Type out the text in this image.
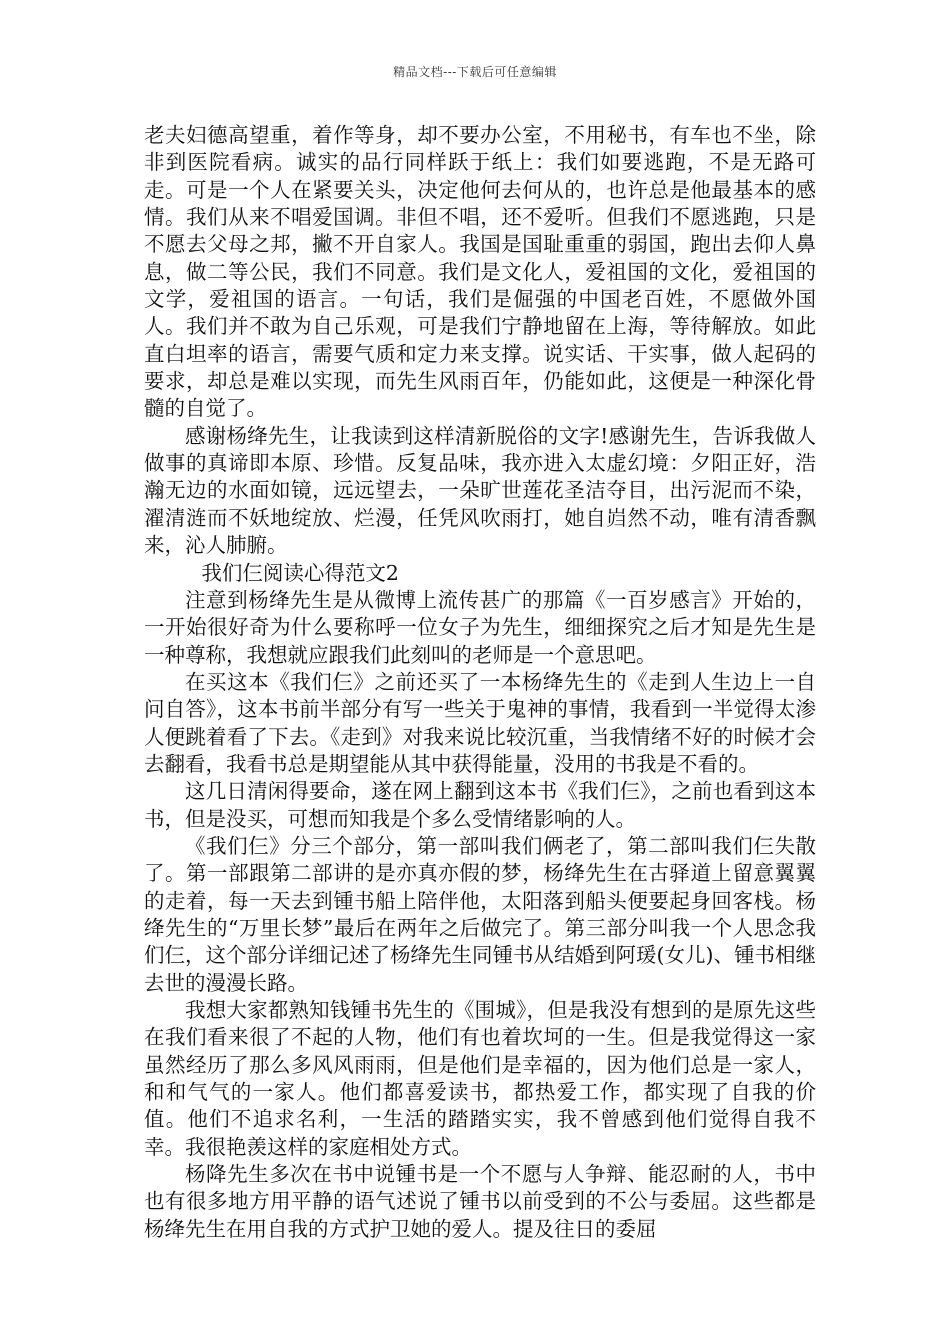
精品文档---下载后可任意编辑

老夫妇德高望重，着作等身，却不要办公室，不用秘书，有车也不坐，除非到医院看病。诚实的品行同样跃于纸上：我们如要逃跑，不是无路可走。可是一个人在紧要关头，决定他何去何从的，也许总是他最基本的感情。我们从来不唱爱国调。非但不唱，还不爱听。但我们不愿逃跑，只是不愿去父母之邦，撇不开自家人。我国是国耻重重的弱国，跑出去仰人鼻息，做二等公民，我们不同意。我们是文化人，爱祖国的文化，爱祖国的文学，爱祖国的语言。一句话，我们是倔强的中国老百姓，不愿做外国人。我们并不敢为自己乐观，可是我们宁静地留在上海，等待解放。如此直白坦率的语言，需要气质和定力来支撑。说实话、干实事，做人起码的要求，却总是难以实现，而先生风雨百年，仍能如此，这便是一种深化骨髓的自觉了。

感谢杨绛先生，让我读到这样清新脱俗的文字!感谢先生，告诉我做人做事的真谛即本原、珍惜。反复品味，我亦进入太虚幻境：夕阳正好，浩瀚无边的水面如镜，远远望去，一朵旷世莲花圣洁夺目，出污泥而不染，濯清涟而不妖地绽放、烂漫，任凭风吹雨打，她自岿然不动，唯有清香飘来，沁人肺腑。

我们仨阅读心得范文2

注意到杨绛先生是从微博上流传甚广的那篇《一百岁感言》开始的，一开始很好奇为什么要称呼一位女子为先生，细细探究之后才知是先生是一种尊称，我想就应跟我们此刻叫的老师是一个意思吧。

在买这本《我们仨》之前还买了一本杨绛先生的《走到人生边上一自问自答》，这本书前半部分有写一些关于鬼神的事情，我看到一半觉得太渗人便跳着看了下去。《走到》对我来说比较沉重，当我情绪不好的时候才会去翻看，我看书总是期望能从其中获得能量，没用的书我是不看的。

这几日清闲得要命，遂在网上翻到这本书《我们仨》，之前也看到这本书，但是没买，可想而知我是个多么受情绪影响的人。

《我们仨》分三个部分，第一部叫我们俩老了，第二部叫我们仨失散了。第一部跟第二部讲的是亦真亦假的梦，杨绛先生在古驿道上留意翼翼的走着，每一天去到锺书船上陪伴他，太阳落到船头便要起身回客栈。杨绛先生的“万里长梦”最后在两年之后做完了。第三部分叫我一个人思念我们仨，这个部分详细记述了杨绛先生同锺书从结婚到阿瑗(女儿)、锺书相继去世的漫漫长路。

我想大家都熟知钱锺书先生的《围城》，但是我没有想到的是原先这些在我们看来很了不起的人物，他们有也着坎坷的一生。但是我觉得这一家虽然经历了那么多风风雨雨，但是他们是幸福的，因为他们总是一家人，和和气气的一家人。他们都喜爱读书，都热爱工作，都实现了自我的价值。他们不追求名利，一生活的踏踏实实，我不曾感到他们觉得自我不幸。我很艳羡这样的家庭相处方式。

杨降先生多次在书中说锺书是一个不愿与人争辩、能忍耐的人，书中也有很多地方用平静的语气述说了锺书以前受到的不公与委屈。这些都是杨绛先生在用自我的方式护卫她的爱人。提及往日的委屈
